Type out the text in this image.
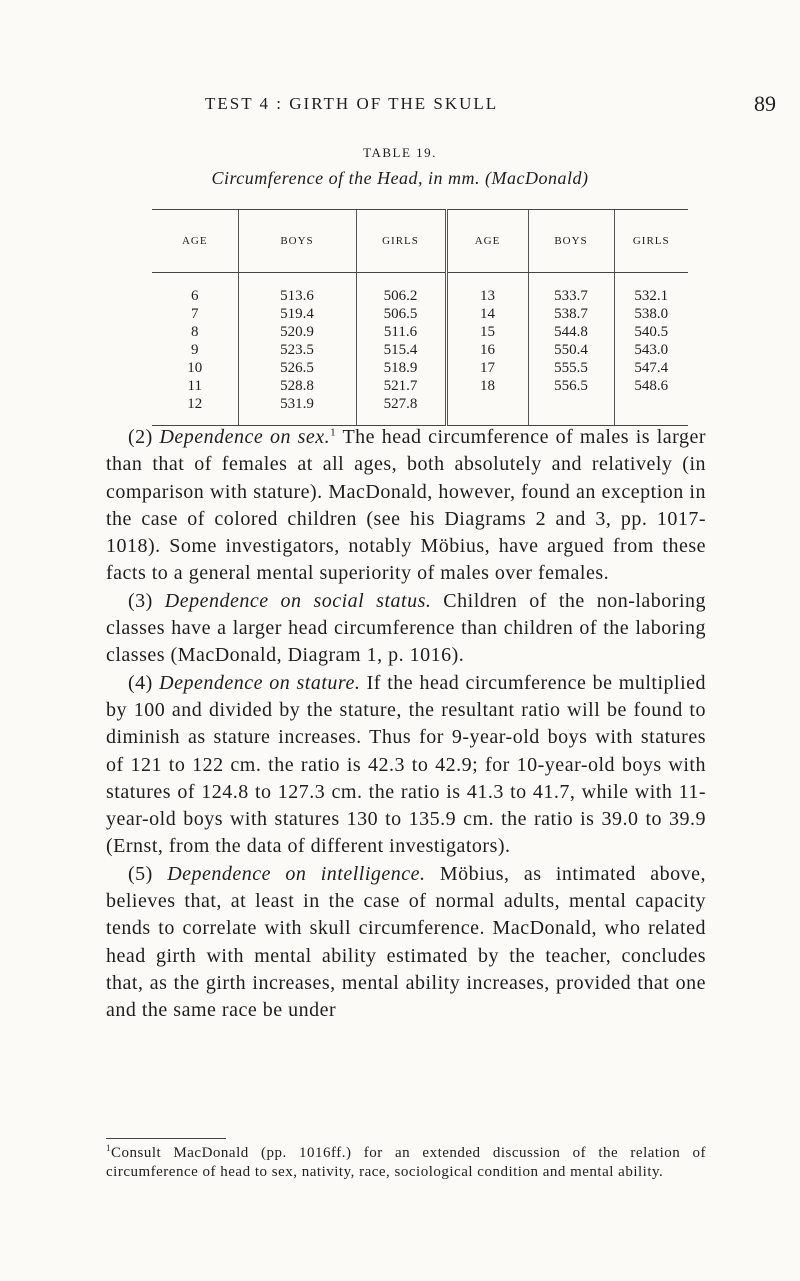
TEST 4 : GIRTH OF THE SKULL	89
TABLE 19.
Circumference of the Head, in mm. (MacDonald)
AGE	BOYS	GIRLS	AGE	BOYS	GIRLS
6	513.6	506.2	13	533.7	532.1
7	519.4	506.5	14	538.7	538.0
8	520.9	511.6	15	544.8	540.5
9	523.5	515.4	16	550.4	543.0
10	526.5	518.9	17	555.5	547.4
11	528.8	521.7	18	556.5	548.6
12	531.9	527.8			

(2) Dependence on sex.$^1$ The head circumference of males is larger than that of females at all ages, both absolutely and relatively (in comparison with stature). MacDonald, however, found an exception in the case of colored children (see his Diagrams 2 and 3, pp. 1017-1018). Some investigators, notably Möbius, have argued from these facts to a general mental superiority of males over females.

(3) Dependence on social status. Children of the non-laboring classes have a larger head circumference than children of the laboring classes (MacDonald, Diagram 1, p. 1016).

(4) Dependence on stature. If the head circumference be multiplied by 100 and divided by the stature, the resultant ratio will be found to diminish as stature increases. Thus for 9-year-old boys with statures of 121 to 122 cm. the ratio is 42.3 to 42.9; for 10-year-old boys with statures of 124.8 to 127.3 cm. the ratio is 41.3 to 41.7, while with 11-year-old boys with statures 130 to 135.9 cm. the ratio is 39.0 to 39.9 (Ernst, from the data of different investigators).

(5) Dependence on intelligence. Möbius, as intimated above, believes that, at least in the case of normal adults, mental capacity tends to correlate with skull circumference. MacDonald, who related head girth with mental ability estimated by the teacher, concludes that, as the girth increases, mental ability increases, provided that one and the same race be under

$^1$Consult MacDonald (pp. 1016ff.) for an extended discussion of the relation of circumference of head to sex, nativity, race, sociological condition and mental ability.
